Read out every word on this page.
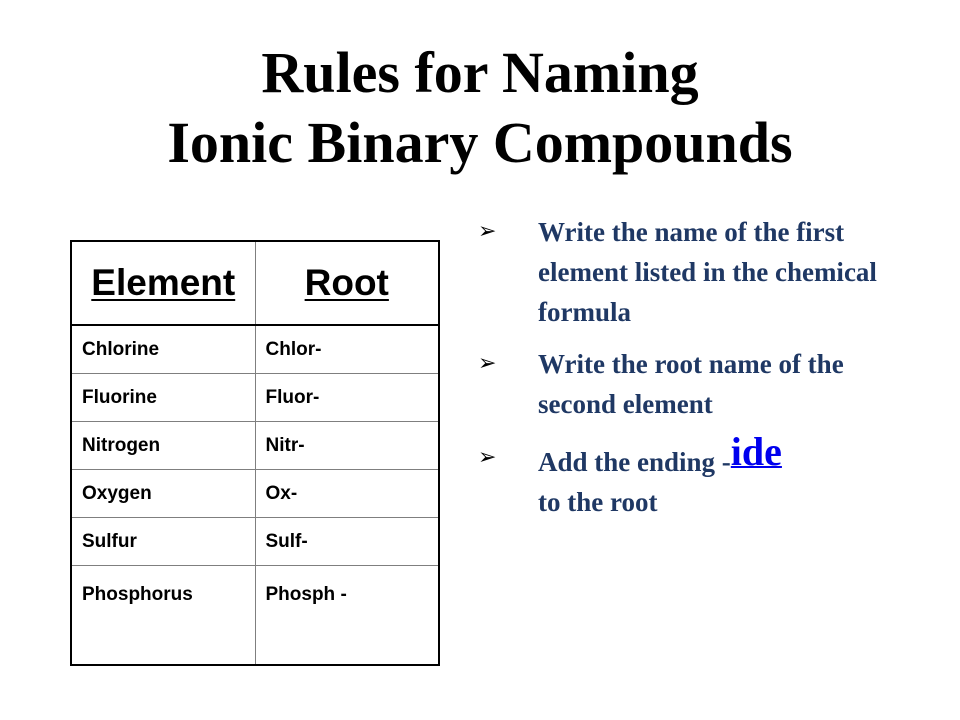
Rules for Naming
Ionic Binary Compounds
Element	Root
Chlorine	Chlor-
Fluorine	Fluor-
Nitrogen	Nitr-
Oxygen	Ox-
Sulfur	Sulf-
Phosphorus	Phosph -
➢ Write the name of the first element listed in the chemical formula
➢ Write the root name of the second element
➢ Add the ending -ide
to the root
